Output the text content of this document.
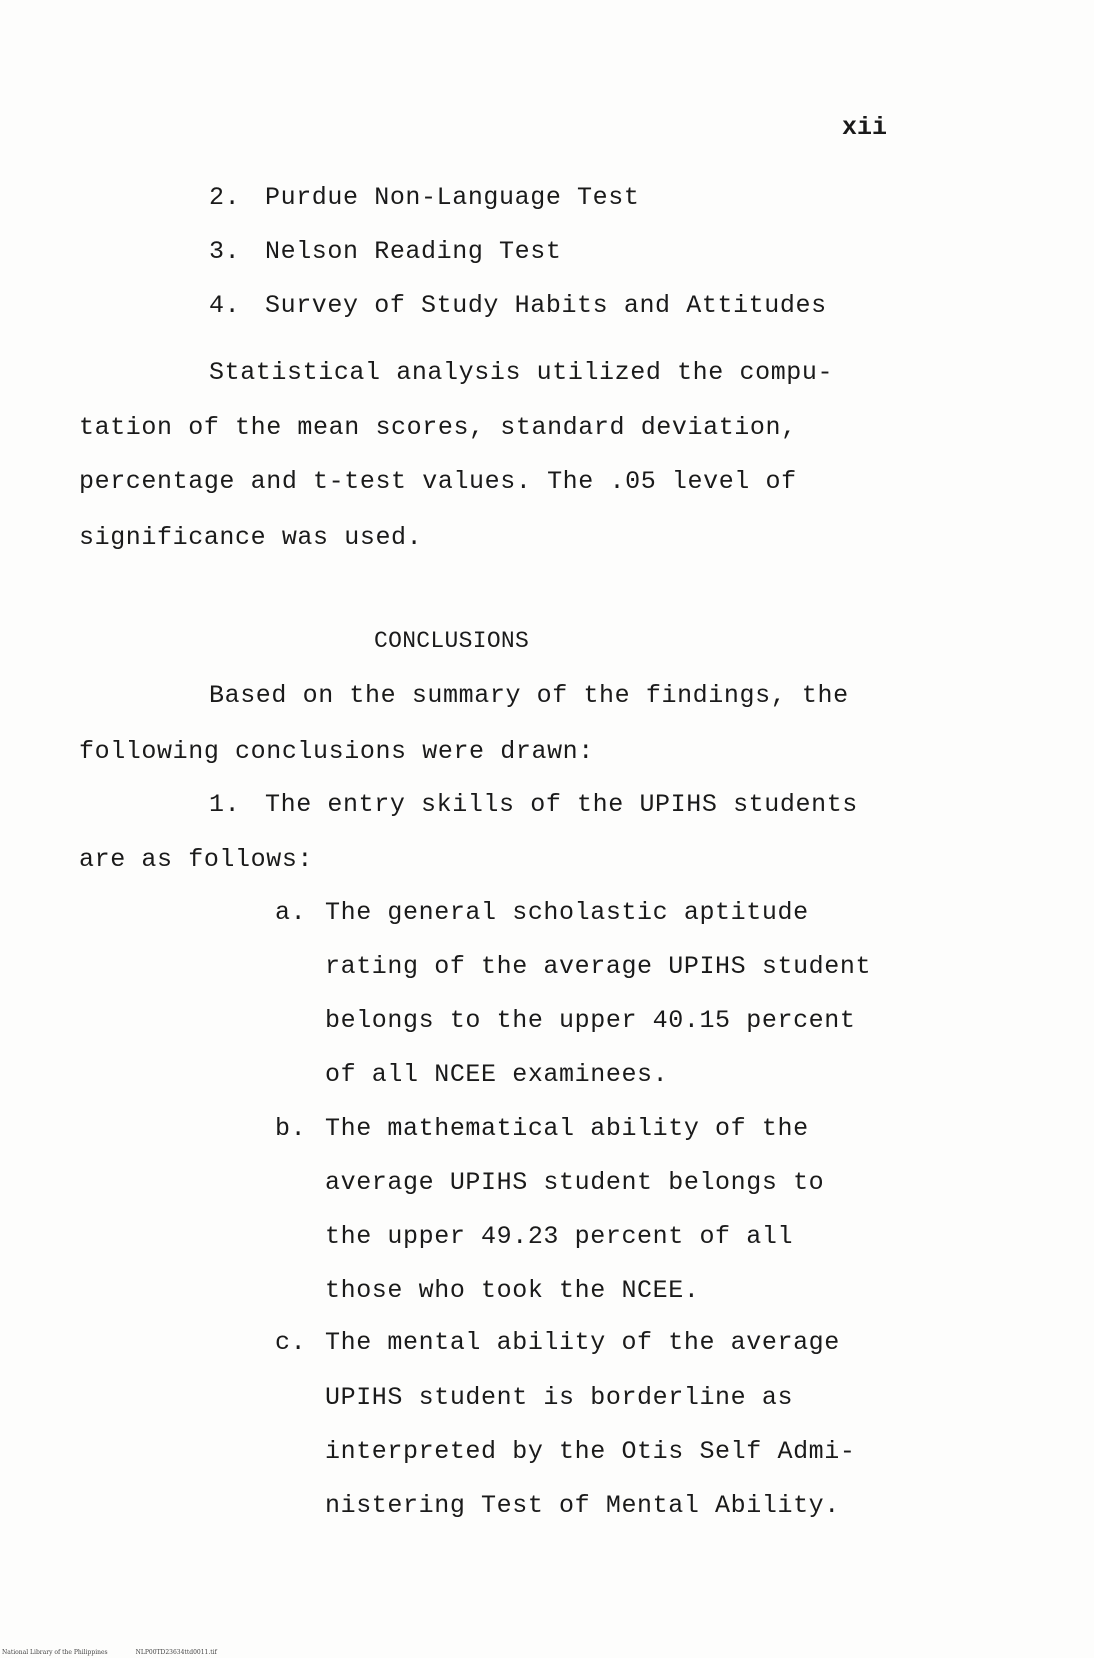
xii
2. Purdue Non-Language Test
3. Nelson Reading Test
4. Survey of Study Habits and Attitudes
Statistical analysis utilized the compu-
tation of the mean scores, standard deviation,
percentage and t-test values. The .05 level of
significance was used.
CONCLUSIONS
Based on the summary of the findings, the
following conclusions were drawn:
1. The entry skills of the UPIHS students
are as follows:
a. The general scholastic aptitude
rating of the average UPIHS student
belongs to the upper 40.15 percent
of all NCEE examinees.
b. The mathematical ability of the
average UPIHS student belongs to
the upper 49.23 percent of all
those who took the NCEE.
c. The mental ability of the average
UPIHS student is borderline as
interpreted by the Otis Self Admi-
nistering Test of Mental Ability.
National Library of the Philippines	NLP00TD23634ttd0011.tif
